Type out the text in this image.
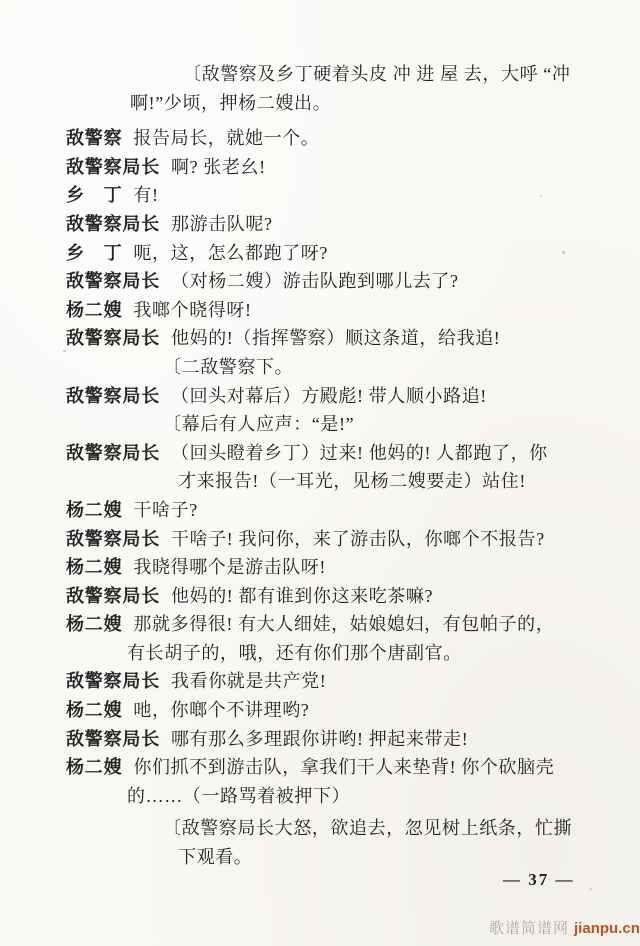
〔敌警察及乡丁硬着头皮 冲 进 屋 去，大呼 “冲
啊!”少顷，押杨二嫂出。
敌警察 报告局长，就她一个。
敌警察局长 啊? 张老幺!
乡　丁 有!
敌警察局长 那游击队呢?
乡　丁 呃，这，怎么都跑了呀?
敌警察局长 （对杨二嫂）游击队跑到哪儿去了?
杨二嫂 我啷个晓得呀!
敌警察局长 他妈的!（指挥警察）顺这条道，给我追!
〔二敌警察下。
敌警察局长 （回头对幕后）方殿彪! 带人顺小路追!
〔幕后有人应声：“是!”
敌警察局长 （回头瞪着乡丁）过来! 他妈的! 人都跑了，你
才来报告!（一耳光，见杨二嫂要走）站住!
杨二嫂 干啥子?
敌警察局长 干啥子! 我问你，来了游击队，你啷个不报告?
杨二嫂 我晓得哪个是游击队呀!
敌警察局长 他妈的! 都有谁到你这来吃茶嘛?
杨二嫂 那就多得很! 有大人细娃，姑娘媳妇，有包帕子的，
有长胡子的，哦，还有你们那个唐副官。
敌警察局长 我看你就是共产党!
杨二嫂 吔，你啷个不讲理哟?
敌警察局长 哪有那么多理跟你讲哟! 押起来带走!
杨二嫂 你们抓不到游击队，拿我们干人来垫背! 你个砍脑壳
的……（一路骂着被押下）
〔敌警察局长大怒，欲追去，忽见树上纸条，忙撕
下观看。
— 37 —
歌谱简谱网 jianpu.cn
